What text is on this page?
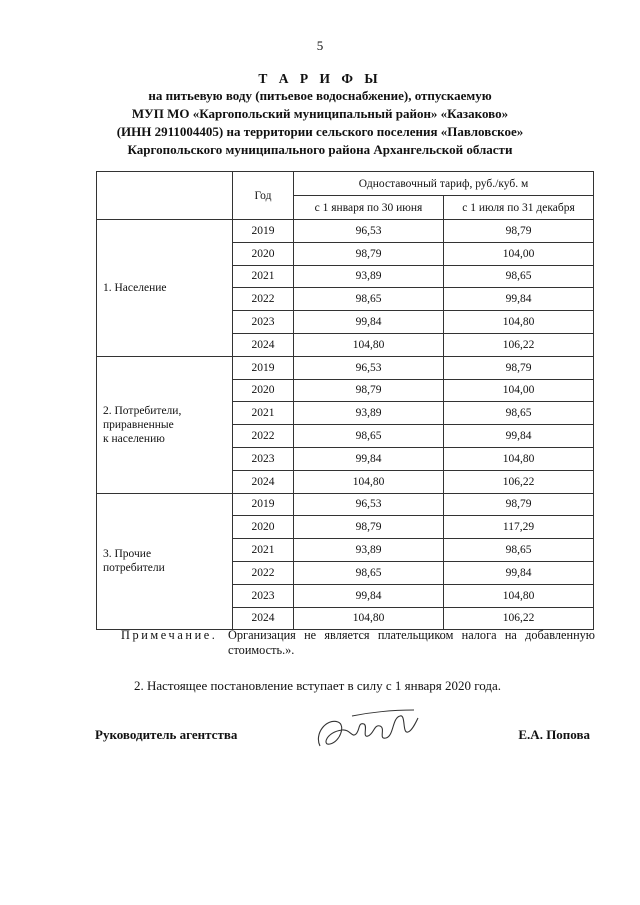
5
Т А Р И Ф Ы
на питьевую воду (питьевое водоснабжение), отпускаемую
МУП МО «Каргопольский муниципальный район» «Казаково»
(ИНН 2911004405) на территории сельского поселения «Павловское»
Каргопольского муниципального района Архангельской области
	Год	Одноставочный тариф, руб./куб. м	
		с 1 января по 30 июня	с 1 июля по 31 декабря

1. Население	2019	96,53	98,79
	2020	98,79	104,00
	2021	93,89	98,65
	2022	98,65	99,84
	2023	99,84	104,80
	2024	104,80	106,22

2. Потребители,
приравненные
к населению	2019	96,53	98,79
	2020	98,79	104,00
	2021	93,89	98,65
	2022	98,65	99,84
	2023	99,84	104,80
	2024	104,80	106,22

3. Прочие
потребители	2019	96,53	98,79
	2020	98,79	117,29
	2021	93,89	98,65
	2022	98,65	99,84
	2023	99,84	104,80
	2024	104,80	106,22
Примечание. Организация не является плательщиком налога на добавленную стоимость.».
2. Настоящее постановление вступает в силу с 1 января 2020 года.
Руководитель агентства	Е.А. Попова
